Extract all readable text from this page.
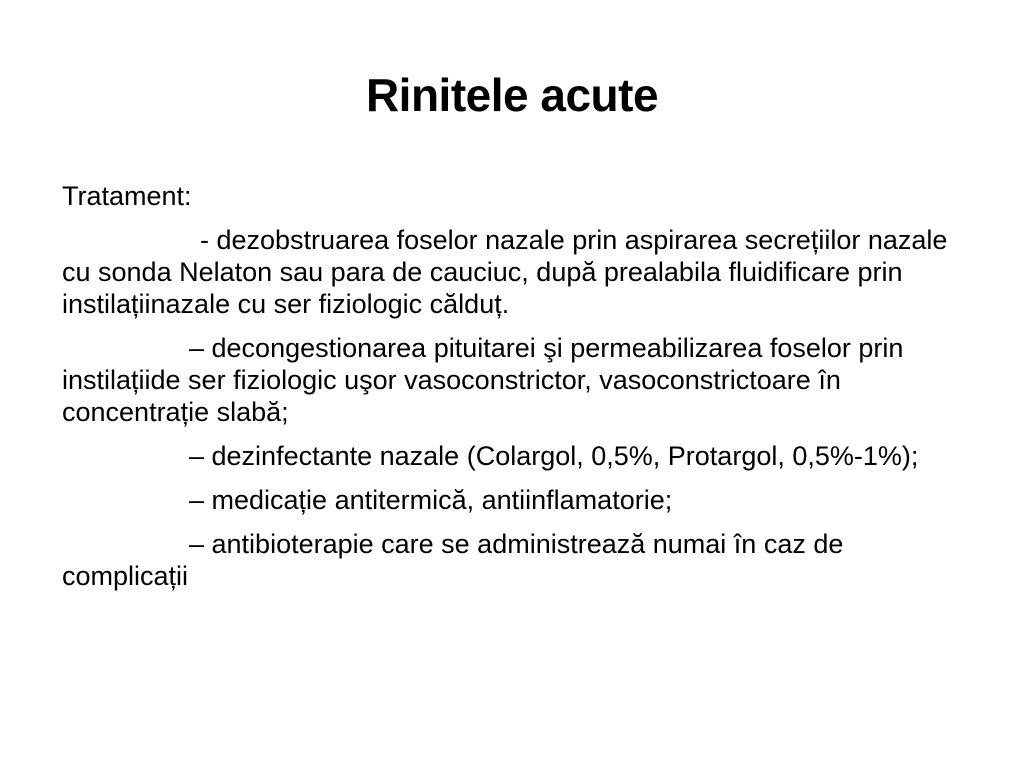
Rinitele acute

Tratament:

- dezobstruarea foselor nazale prin aspirarea secrețiilor nazale cu sonda Nelaton sau para de cauciuc, după prealabila fluidificare prin instilațiinazale cu ser fiziologic călduț.

– decongestionarea pituitarei şi permeabilizarea foselor prin instilațiide ser fiziologic uşor vasoconstrictor, vasoconstrictoare în concentrație slabă;

– dezinfectante nazale (Colargol, 0,5%, Protargol, 0,5%-1%);

– medicație antitermică, antiinflamatorie;

– antibioterapie care se administrează numai în caz de complicații
